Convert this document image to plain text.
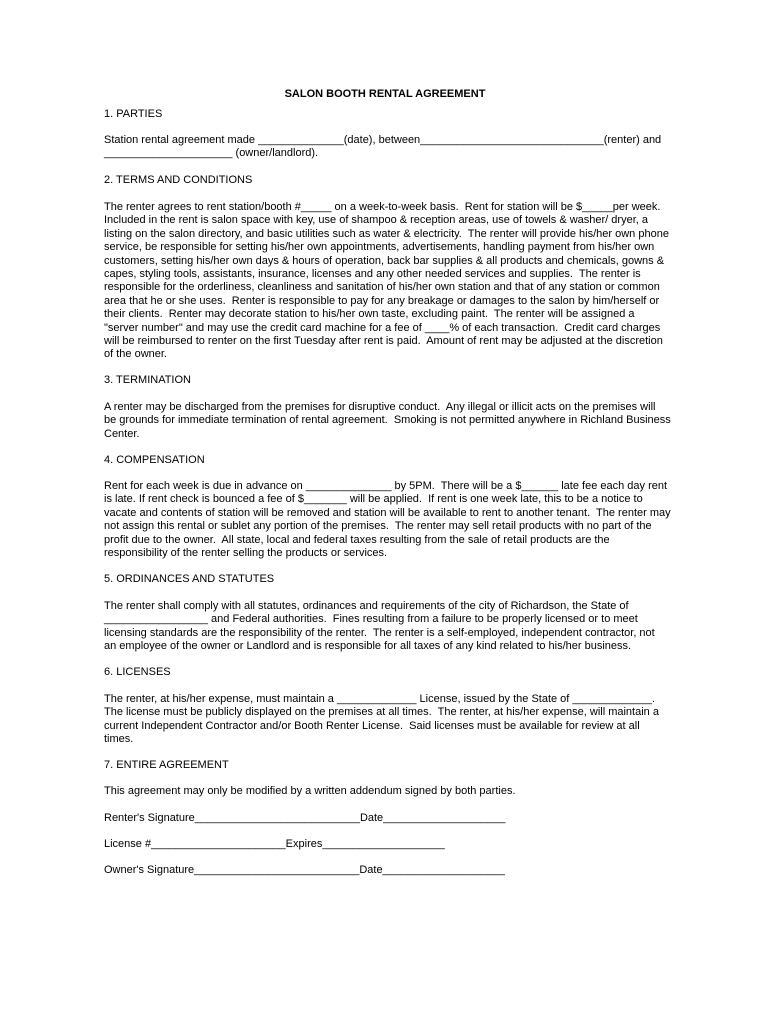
SALON BOOTH RENTAL AGREEMENT
1. PARTIES
Station rental agreement made ______________(date), between______________________________(renter) and
_____________________ (owner/landlord).
2. TERMS AND CONDITIONS
The renter agrees to rent station/booth #_____ on a week-to-week basis.  Rent for station will be $_____per week.
Included in the rent is salon space with key, use of shampoo & reception areas, use of towels & washer/ dryer, a
listing on the salon directory, and basic utilities such as water & electricity.  The renter will provide his/her own phone
service, be responsible for setting his/her own appointments, advertisements, handling payment from his/her own
customers, setting his/her own days & hours of operation, back bar supplies & all products and chemicals, gowns &
capes, styling tools, assistants, insurance, licenses and any other needed services and supplies.  The renter is
responsible for the orderliness, cleanliness and sanitation of his/her own station and that of any station or common
area that he or she uses.  Renter is responsible to pay for any breakage or damages to the salon by him/herself or
their clients.  Renter may decorate station to his/her own taste, excluding paint.  The renter will be assigned a
"server number" and may use the credit card machine for a fee of ____% of each transaction.  Credit card charges
will be reimbursed to renter on the first Tuesday after rent is paid.  Amount of rent may be adjusted at the discretion
of the owner.
3. TERMINATION
A renter may be discharged from the premises for disruptive conduct.  Any illegal or illicit acts on the premises will
be grounds for immediate termination of rental agreement.  Smoking is not permitted anywhere in Richland Business
Center.
4. COMPENSATION
Rent for each week is due in advance on ______________ by 5PM.  There will be a $______ late fee each day rent
is late. If rent check is bounced a fee of $_______ will be applied.  If rent is one week late, this to be a notice to
vacate and contents of station will be removed and station will be available to rent to another tenant.  The renter may
not assign this rental or sublet any portion of the premises.  The renter may sell retail products with no part of the
profit due to the owner.  All state, local and federal taxes resulting from the sale of retail products are the
responsibility of the renter selling the products or services.
5. ORDINANCES AND STATUTES
The renter shall comply with all statutes, ordinances and requirements of the city of Richardson, the State of
_________________ and Federal authorities.  Fines resulting from a failure to be properly licensed or to meet
licensing standards are the responsibility of the renter.  The renter is a self-employed, independent contractor, not
an employee of the owner or Landlord and is responsible for all taxes of any kind related to his/her business.
6. LICENSES
The renter, at his/her expense, must maintain a _____________ License, issued by the State of _____________.
The license must be publicly displayed on the premises at all times.  The renter, at his/her expense, will maintain a
current Independent Contractor and/or Booth Renter License.  Said licenses must be available for review at all
times.
7. ENTIRE AGREEMENT
This agreement may only be modified by a written addendum signed by both parties.
Renter's Signature___________________________Date____________________
License #______________________Expires____________________
Owner's Signature___________________________Date____________________
